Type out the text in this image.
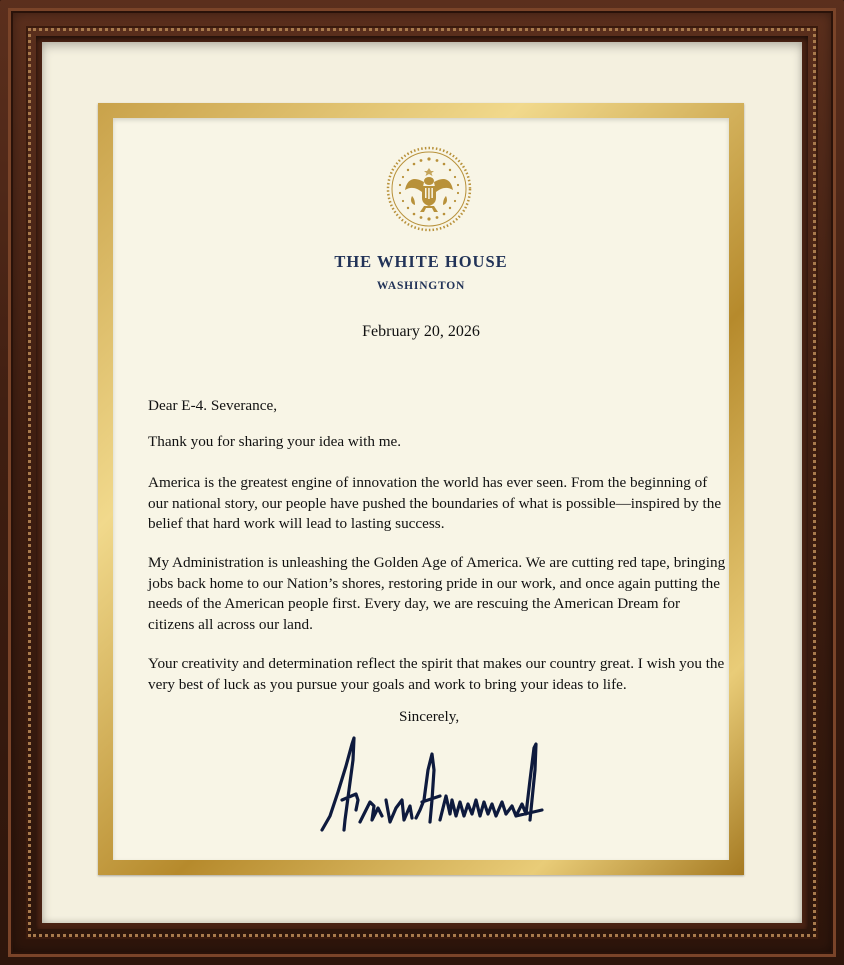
THE WHITE HOUSE

WASHINGTON

February 20, 2026

Dear E-4. Severance,

Thank you for sharing your idea with me.

America is the greatest engine of innovation the world has ever seen. From the beginning of our national story, our people have pushed the boundaries of what is possible—inspired by the belief that hard work will lead to lasting success.

My Administration is unleashing the Golden Age of America. We are cutting red tape, bringing jobs back home to our Nation’s shores, restoring pride in our work, and once again putting the needs of the American people first. Every day, we are rescuing the American Dream for citizens all across our land.

Your creativity and determination reflect the spirit that makes our country great. I wish you the very best of luck as you pursue your goals and work to bring your ideas to life.

Sincerely,
